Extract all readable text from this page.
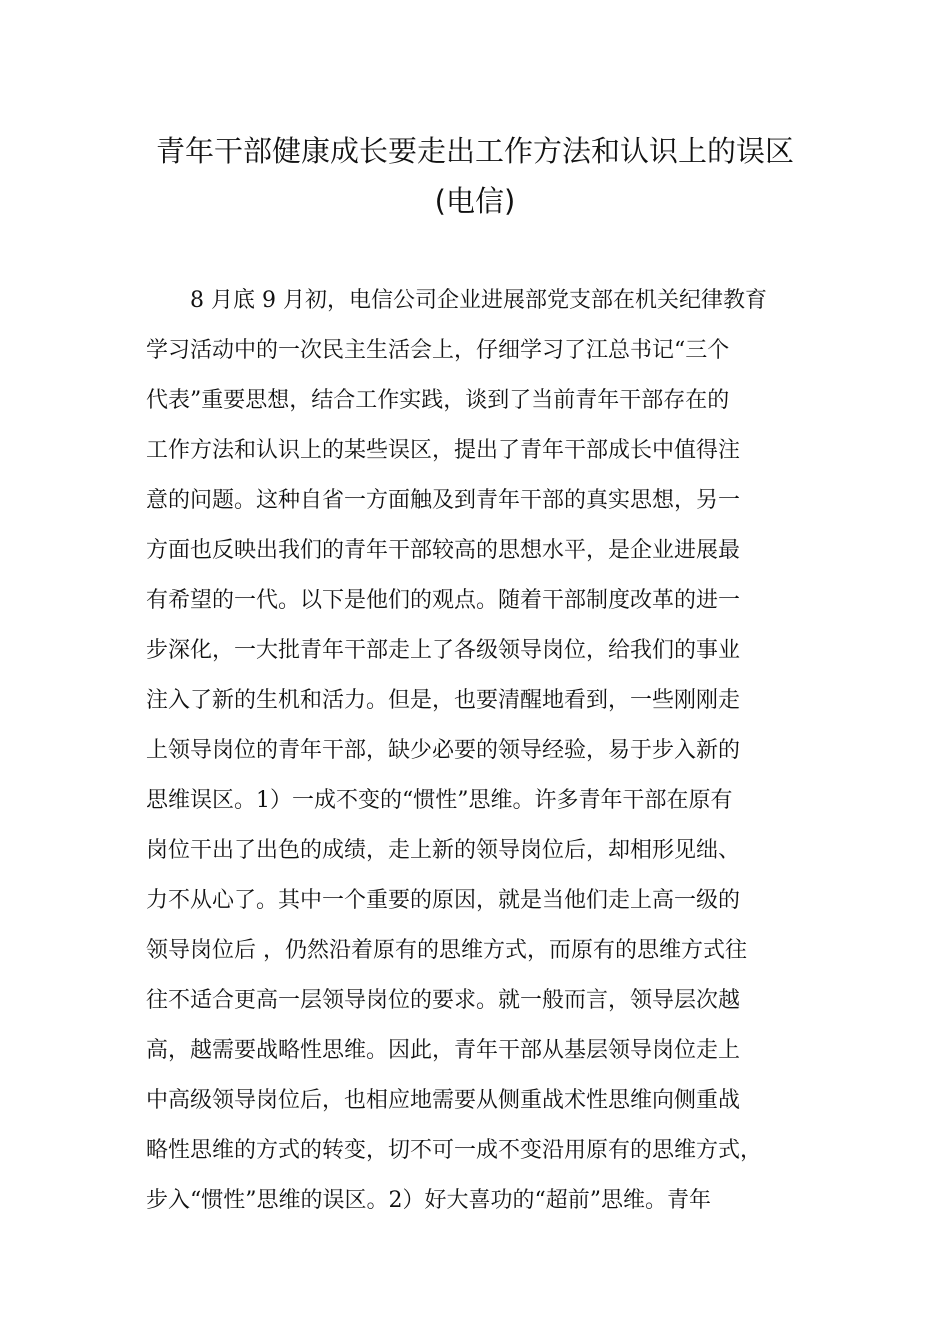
青年干部健康成长要走出工作方法和认识上的误区
(电信)
8 月底 9 月初，电信公司企业进展部党支部在机关纪律教育
学习活动中的一次民主生活会上，仔细学习了江总书记“三个
代表”重要思想，结合工作实践，谈到了当前青年干部存在的
工作方法和认识上的某些误区，提出了青年干部成长中值得注
意的问题。这种自省一方面触及到青年干部的真实思想，另一
方面也反映出我们的青年干部较高的思想水平，是企业进展最
有希望的一代。以下是他们的观点。随着干部制度改革的进一
步深化，一大批青年干部走上了各级领导岗位，给我们的事业
注入了新的生机和活力。但是，也要清醒地看到，一些刚刚走
上领导岗位的青年干部，缺少必要的领导经验，易于步入新的
思维误区。1）一成不变的“惯性”思维。许多青年干部在原有
岗位干出了出色的成绩，走上新的领导岗位后，却相形见绌、
力不从心了。其中一个重要的原因，就是当他们走上高一级的
领导岗位后 ，仍然沿着原有的思维方式，而原有的思维方式往
往不适合更高一层领导岗位的要求。就一般而言，领导层次越
高，越需要战略性思维。因此，青年干部从基层领导岗位走上
中高级领导岗位后，也相应地需要从侧重战术性思维向侧重战
略性思维的方式的转变，切不可一成不变沿用原有的思维方式，
步入“惯性”思维的误区。2）好大喜功的“超前”思维。青年
